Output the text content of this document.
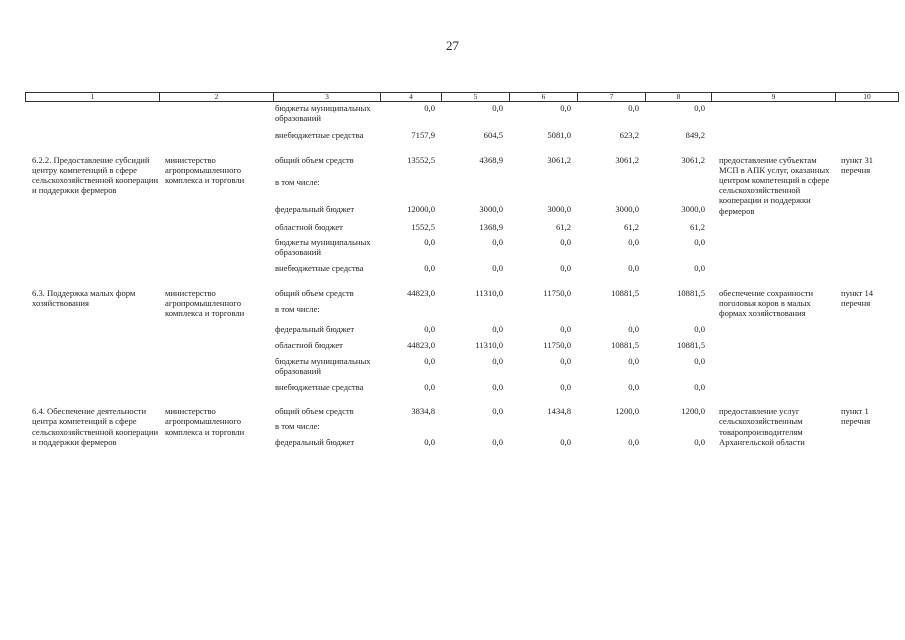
27
1	2	3	4	5	6	7	8	9	10
		бюджеты муниципальных образований	0,0	0,0	0,0	0,0	0,0		

		внебюджетные средства	7157,9	604,5	5081,0	623,2	849,2		

6.2.2. Предоставление субсидий центру компетенций в сфере сельскохозяйственной кооперации и поддержки фермеров	министерство агропромышленного комплекса и торговли	общий объем средств	13552,5	4368,9	3061,2	3061,2	3061,2	предоставление субъектам МСП в АПК услуг, оказанных центром компетенций в сфере сельскохозяйственной кооперации и поддержки фермеров	пункт 31 перечня
		в том числе:							
		федеральный бюджет	12000,0	3000,0	3000,0	3000,0	3000,0		
		областной бюджет	1552,5	1368,9	61,2	61,2	61,2		
		бюджеты муниципальных образований	0,0	0,0	0,0	0,0	0,0		
		внебюджетные средства	0,0	0,0	0,0	0,0	0,0		

6.3. Поддержка малых форм хозяйствования	министерство агропромышленного комплекса и торговли	общий объем средств	44823,0	11310,0	11750,0	10881,5	10881,5	обеспечение сохранности поголовья коров в малых формах хозяйствования	пункт 14 перечня
		в том числе:							
		федеральный бюджет	0,0	0,0	0,0	0,0	0,0		
		областной бюджет	44823,0	11310,0	11750,0	10881,5	10881,5		
		бюджеты муниципальных образований	0,0	0,0	0,0	0,0	0,0		
		внебюджетные средства	0,0	0,0	0,0	0,0	0,0		

6.4. Обеспечение деятельности центра компетенций в сфере сельскохозяйственной кооперации и поддержки фермеров	министерство агропромышленного комплекса и торговли	общий объем средств	3834,8	0,0	1434,8	1200,0	1200,0	предоставление услуг сельскохозяйственным товаропроизводителям Архангельской области	пункт 1 перечня
		в том числе:							
		федеральный бюджет	0,0	0,0	0,0	0,0	0,0		
